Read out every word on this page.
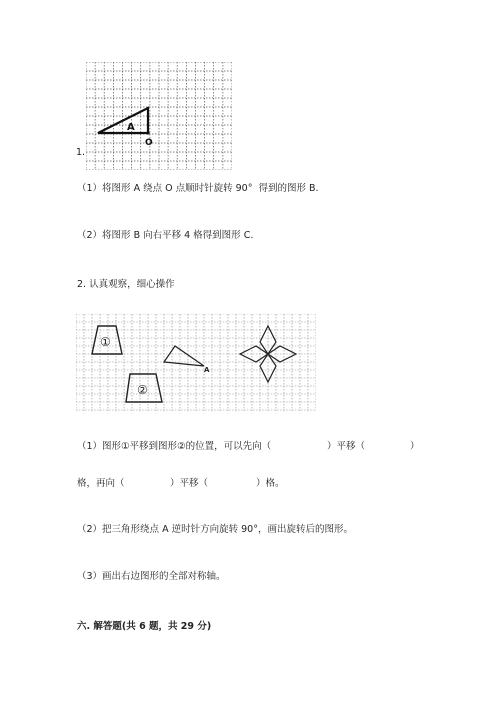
A
O
1.
（1）将图形 A 绕点 O 点顺时针旋转 90°  得到的图形 B.
（2）将图形 B 向右平移 4 格得到图形 C.
2. 认真观察，细心操作
①
②
A
（1）图形①平移到图形②的位置，可以先向（	）平移（	）
格，再向（	）平移（	）格。
（2）把三角形绕点 A 逆时针方向旋转 90°，画出旋转后的图形。
（3）画出右边图形的全部对称轴。
六. 解答题(共 6 题，共 29 分)
